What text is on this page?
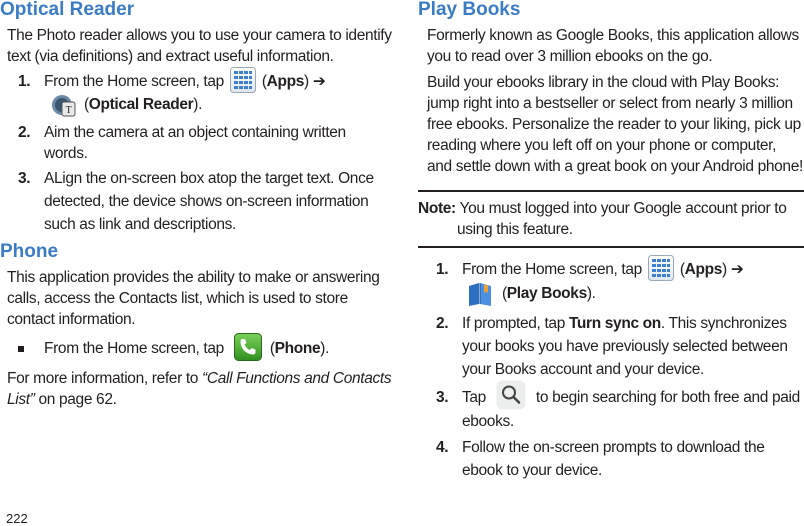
Optical Reader

The Photo reader allows you to use your camera to identify text (via definitions) and extract useful information.

1. From the Home screen, tap
(Apps) ➔

T (Optical Reader).
2. Aim the camera at an object containing written words.
3. ALign the on-screen box atop the target text. Once detected, the device shows on-screen information such as link and descriptions.
Phone

This application provides the ability to make or answering calls, access the Contacts list, which is used to store contact information.

From the Home screen, tap	(Phone).

For more information, refer to “Call Functions and Contacts List” on page 62.

Play Books

Formerly known as Google Books, this application allows you to read over 3 million ebooks on the go.

Build your ebooks library in the cloud with Play Books: jump right into a bestseller or select from nearly 3 million free ebooks. Personalize the reader to your liking, pick up reading where you left off on your phone or computer, and settle down with a great book on your Android phone!

Note: You must logged into your Google account prior to using this feature.

1. From the Home screen, tap
(Apps) ➔

(Play Books).
2. If prompted, tap Turn sync on. This synchronizes your books you have previously selected between your Books account and your device.
3. Tap	to begin searching for both free and paid ebooks.
4. Follow the on-screen prompts to download the ebook to your device.
222
